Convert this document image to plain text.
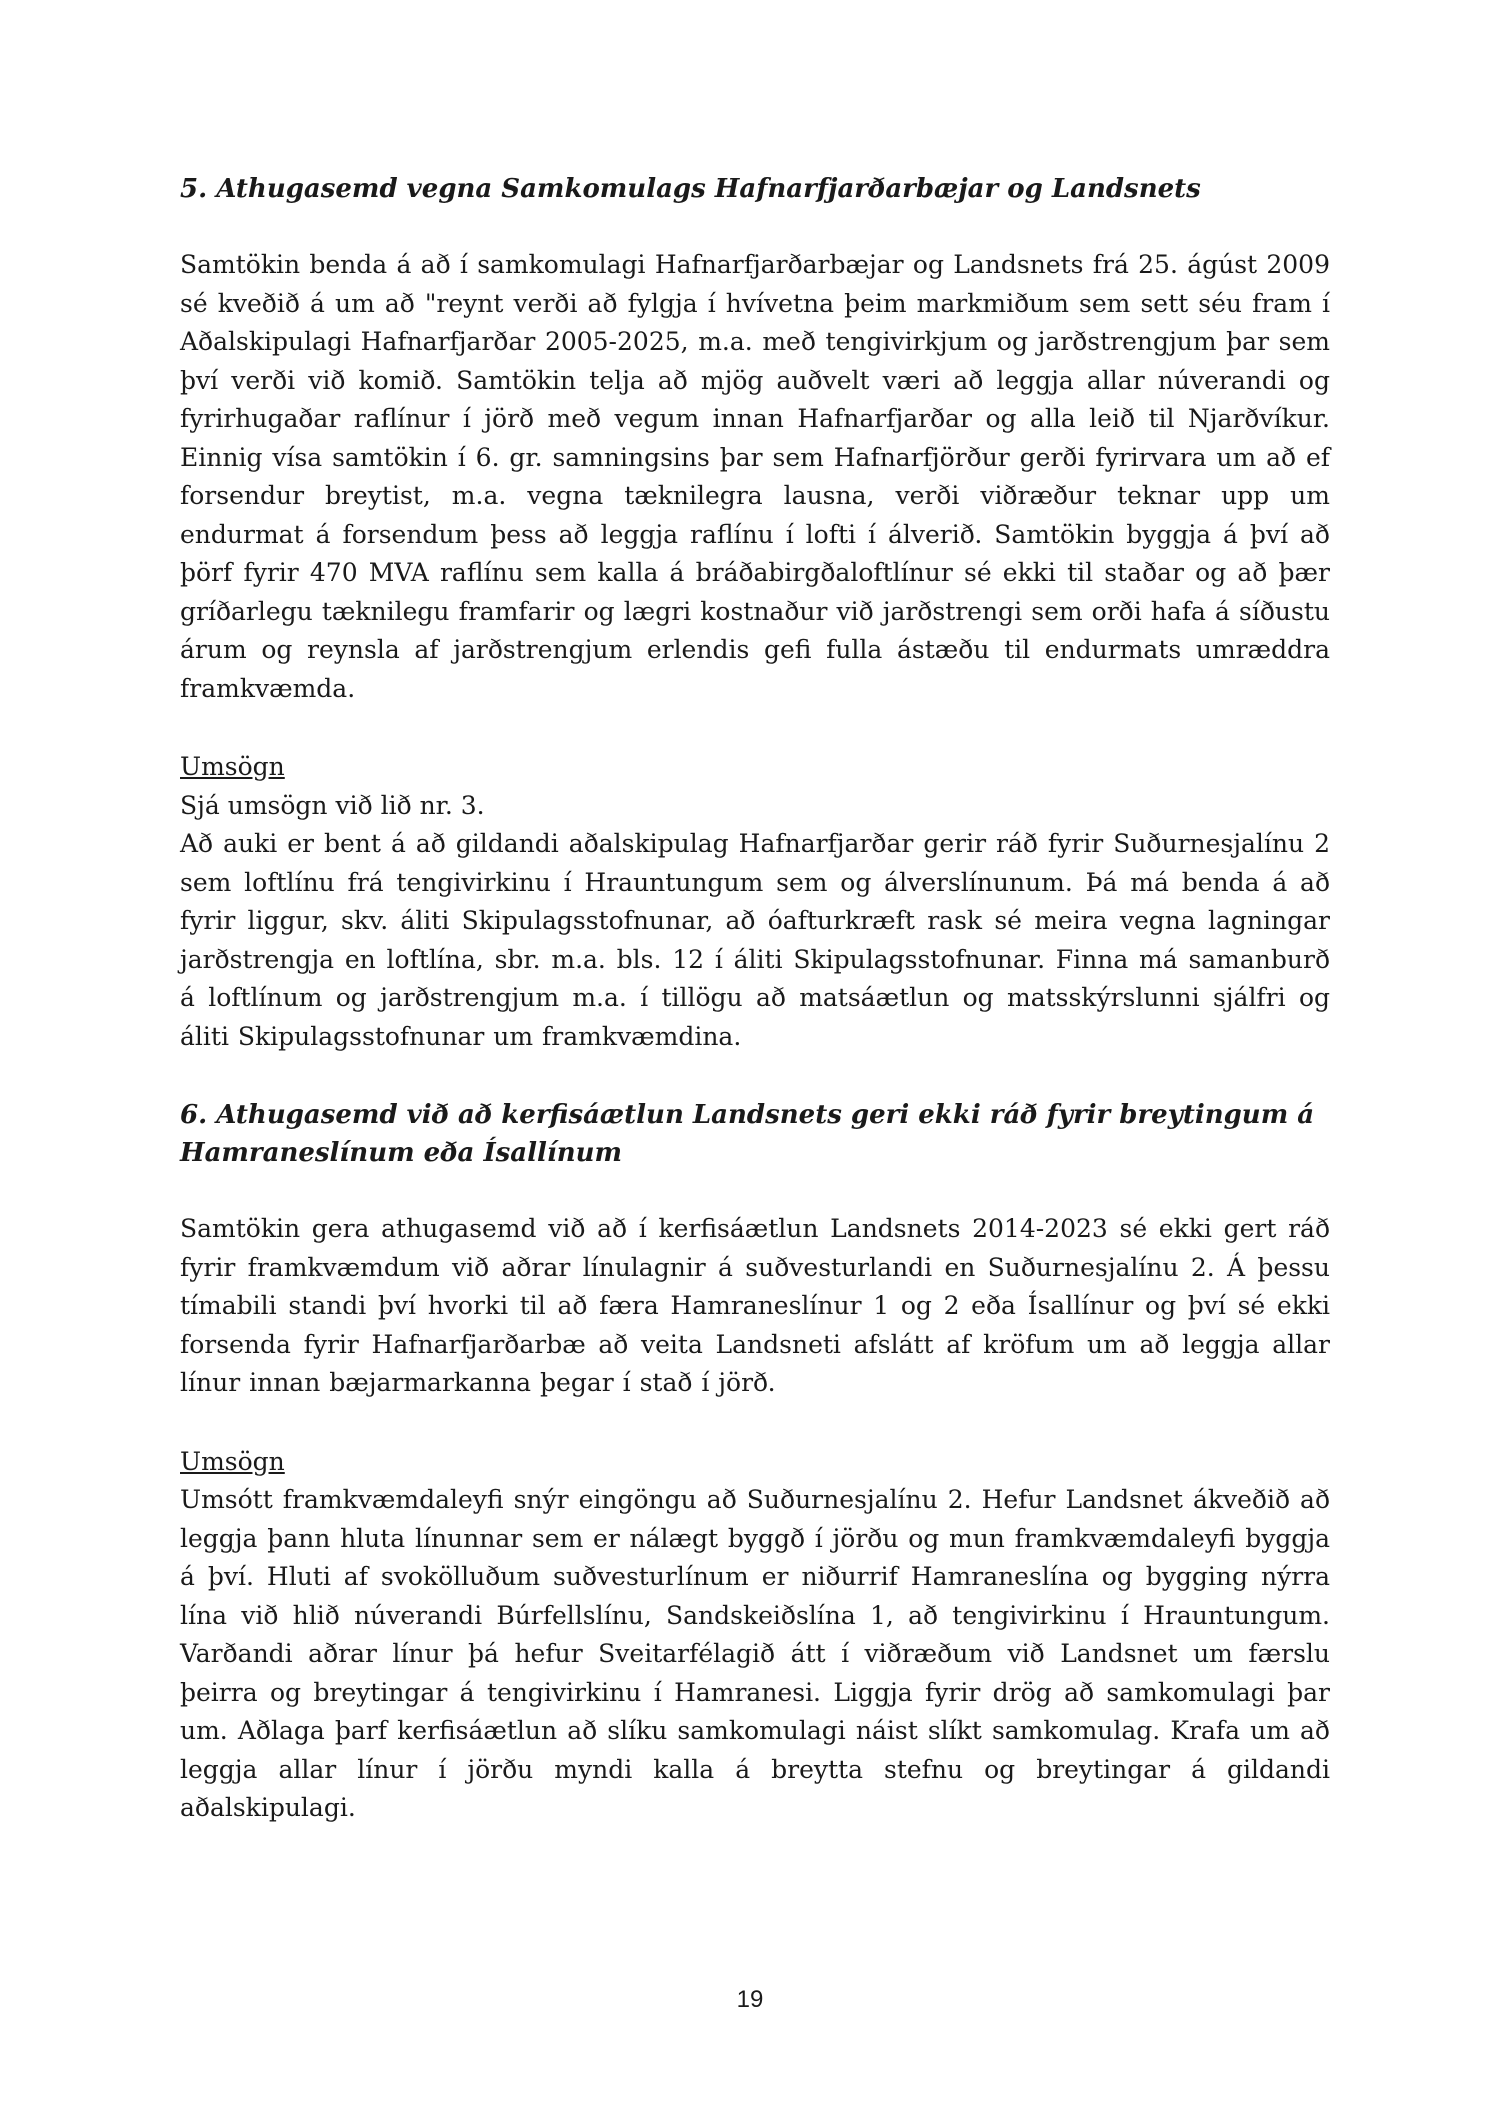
5. Athugasemd vegna Samkomulags Hafnarfjarðarbæjar og Landsnets

Samtökin benda á að í samkomulagi Hafnarfjarðarbæjar og Landsnets frá 25. ágúst 2009 sé kveðið á um að "reynt verði að fylgja í hvívetna þeim markmiðum sem sett séu fram í Aðalskipulagi Hafnarfjarðar 2005-2025, m.a. með tengivirkjum og jarðstrengjum þar sem því verði við komið. Samtökin telja að mjög auðvelt væri að leggja allar núverandi og fyrirhugaðar raflínur í jörð með vegum innan Hafnarfjarðar og alla leið til Njarðvíkur. Einnig vísa samtökin í 6. gr. samningsins þar sem Hafnarfjörður gerði fyrirvara um að ef forsendur breytist, m.a. vegna tæknilegra lausna, verði viðræður teknar upp um endurmat á forsendum þess að leggja raflínu í lofti í álverið. Samtökin byggja á því að þörf fyrir 470 MVA raflínu sem kalla á bráðabirgðaloftlínur sé ekki til staðar og að þær gríðarlegu tæknilegu framfarir og lægri kostnaður við jarðstrengi sem orði hafa á síðustu árum og reynsla af jarðstrengjum erlendis gefi fulla ástæðu til endurmats umræddra framkvæmda.

Umsögn

Sjá umsögn við lið nr. 3.

Að auki er bent á að gildandi aðalskipulag Hafnarfjarðar gerir ráð fyrir Suðurnesjalínu 2 sem loftlínu frá tengivirkinu í Hrauntungum sem og álverslínunum. Þá má benda á að fyrir liggur, skv. áliti Skipulagsstofnunar, að óafturkræft rask sé meira vegna lagningar jarðstrengja en loftlína, sbr. m.a. bls. 12 í áliti Skipulagsstofnunar. Finna má samanburð á loftlínum og jarðstrengjum m.a. í tillögu að matsáætlun og matsskýrslunni sjálfri og áliti Skipulagsstofnunar um framkvæmdina.

6. Athugasemd við að kerfisáætlun Landsnets geri ekki ráð fyrir breytingum á Hamraneslínum eða Ísallínum

Samtökin gera athugasemd við að í kerfisáætlun Landsnets 2014-2023 sé ekki gert ráð fyrir framkvæmdum við aðrar línulagnir á suðvesturlandi en Suðurnesjalínu 2. Á þessu tímabili standi því hvorki til að færa Hamraneslínur 1 og 2 eða Ísallínur og því sé ekki forsenda fyrir Hafnarfjarðarbæ að veita Landsneti afslátt af kröfum um að leggja allar línur innan bæjarmarkanna þegar í stað í jörð.

Umsögn

Umsótt framkvæmdaleyfi snýr eingöngu að Suðurnesjalínu 2. Hefur Landsnet ákveðið að leggja þann hluta línunnar sem er nálægt byggð í jörðu og mun framkvæmdaleyfi byggja á því. Hluti af svokölluðum suðvesturlínum er niðurrif Hamraneslína og bygging nýrra lína við hlið núverandi Búrfellslínu, Sandskeiðslína 1, að tengivirkinu í Hrauntungum. Varðandi aðrar línur þá hefur Sveitarfélagið átt í viðræðum við Landsnet um færslu þeirra og breytingar á tengivirkinu í Hamranesi. Liggja fyrir drög að samkomulagi þar um. Aðlaga þarf kerfisáætlun að slíku samkomulagi náist slíkt samkomulag. Krafa um að leggja allar línur í jörðu myndi kalla á breytta stefnu og breytingar á gildandi aðalskipulagi.

19
